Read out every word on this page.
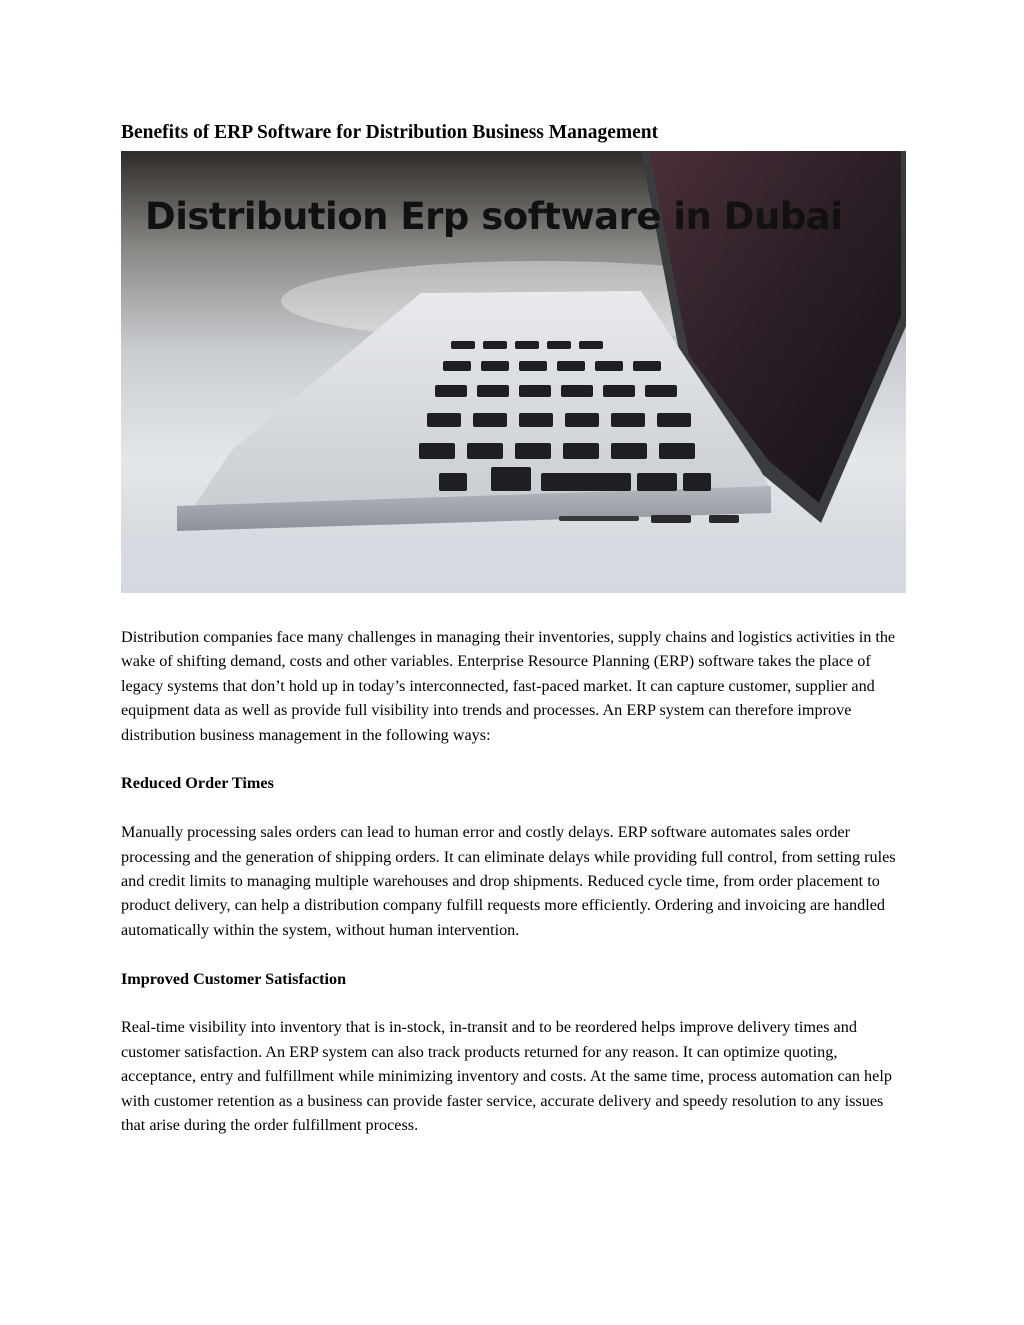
Benefits of ERP Software for Distribution Business Management
Distribution Erp software in Dubai

Distribution companies face many challenges in managing their inventories, supply chains and logistics activities in the wake of shifting demand, costs and other variables. Enterprise Resource Planning (ERP) software takes the place of legacy systems that don’t hold up in today’s interconnected, fast-paced market. It can capture customer, supplier and equipment data as well as provide full visibility into trends and processes. An ERP system can therefore improve distribution business management in the following ways:

Reduced Order Times

Manually processing sales orders can lead to human error and costly delays. ERP software automates sales order processing and the generation of shipping orders. It can eliminate delays while providing full control, from setting rules and credit limits to managing multiple warehouses and drop shipments. Reduced cycle time, from order placement to product delivery, can help a distribution company fulfill requests more efficiently. Ordering and invoicing are handled automatically within the system, without human intervention.

Improved Customer Satisfaction

Real-time visibility into inventory that is in-stock, in-transit and to be reordered helps improve delivery times and customer satisfaction. An ERP system can also track products returned for any reason. It can optimize quoting, acceptance, entry and fulfillment while minimizing inventory and costs. At the same time, process automation can help with customer retention as a business can provide faster service, accurate delivery and speedy resolution to any issues that arise during the order fulfillment process.
